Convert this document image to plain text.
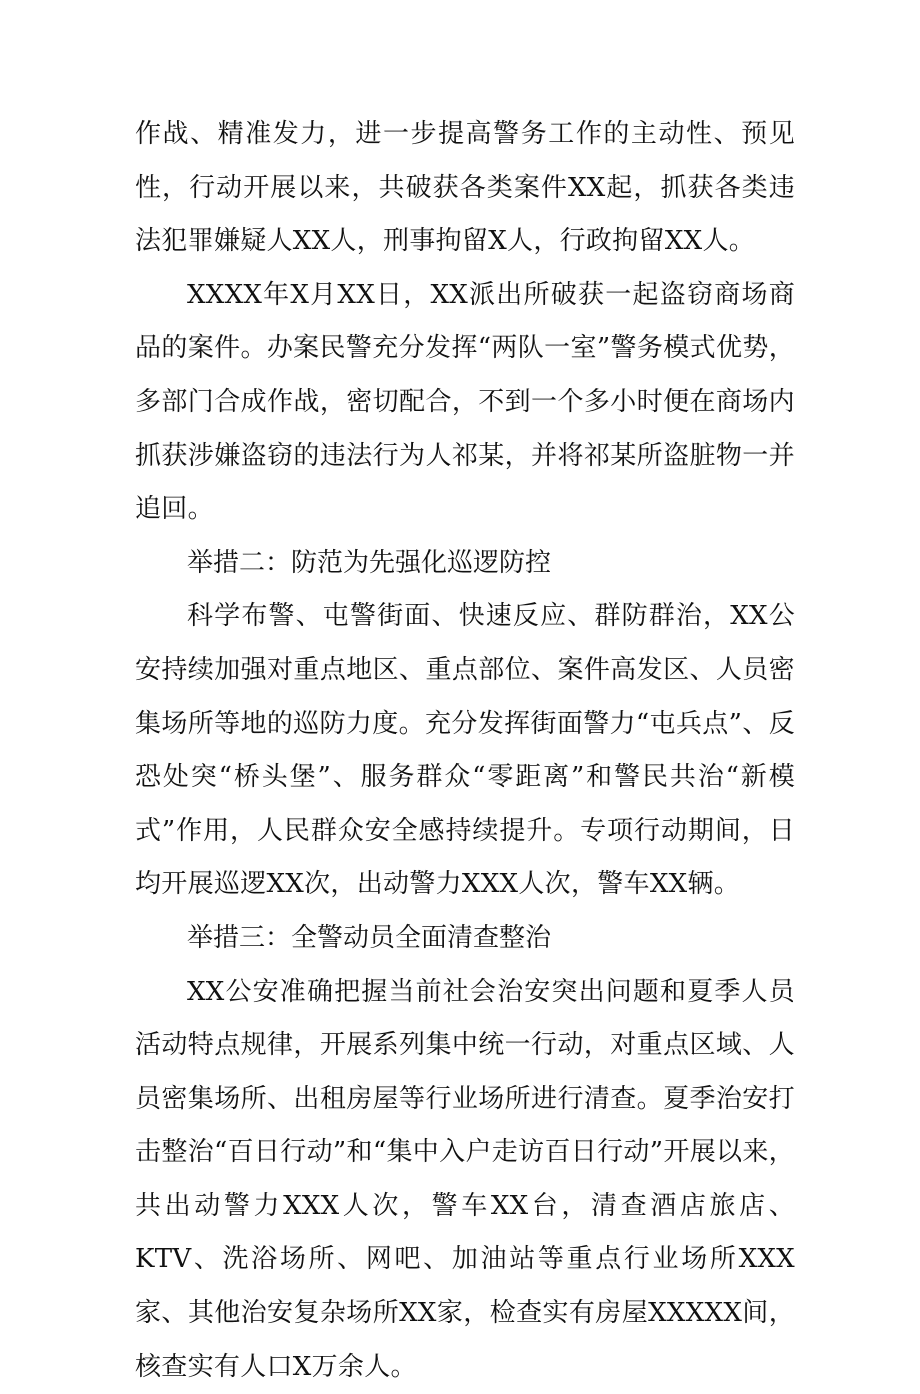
作战、精准发力，进一步提高警务工作的主动性、预见性，行动开展以来，共破获各类案件XX起，抓获各类违法犯罪嫌疑人XX人，刑事拘留X人，行政拘留XX人。

XXXX年X月XX日，XX派出所破获一起盗窃商场商品的案件。办案民警充分发挥“两队一室”警务模式优势，多部门合成作战，密切配合，不到一个多小时便在商场内抓获涉嫌盗窃的违法行为人祁某，并将祁某所盗脏物一并追回。

举措二：防范为先强化巡逻防控

科学布警、屯警街面、快速反应、群防群治，XX公安持续加强对重点地区、重点部位、案件高发区、人员密集场所等地的巡防力度。充分发挥街面警力“屯兵点”、反恐处突“桥头堡”、服务群众“零距离”和警民共治“新模式”作用，人民群众安全感持续提升。专项行动期间，日均开展巡逻XX次，出动警力XXX人次，警车XX辆。

举措三：全警动员全面清查整治

XX公安准确把握当前社会治安突出问题和夏季人员活动特点规律，开展系列集中统一行动，对重点区域、人员密集场所、出租房屋等行业场所进行清查。夏季治安打击整治“百日行动”和“集中入户走访百日行动”开展以来，共出动警力XXX人次，警车XX台，清查酒店旅店、KTV、洗浴场所、网吧、加油站等重点行业场所XXX家、其他治安复杂场所XX家，检查实有房屋XXXXX间，核查实有人口X万余人。
